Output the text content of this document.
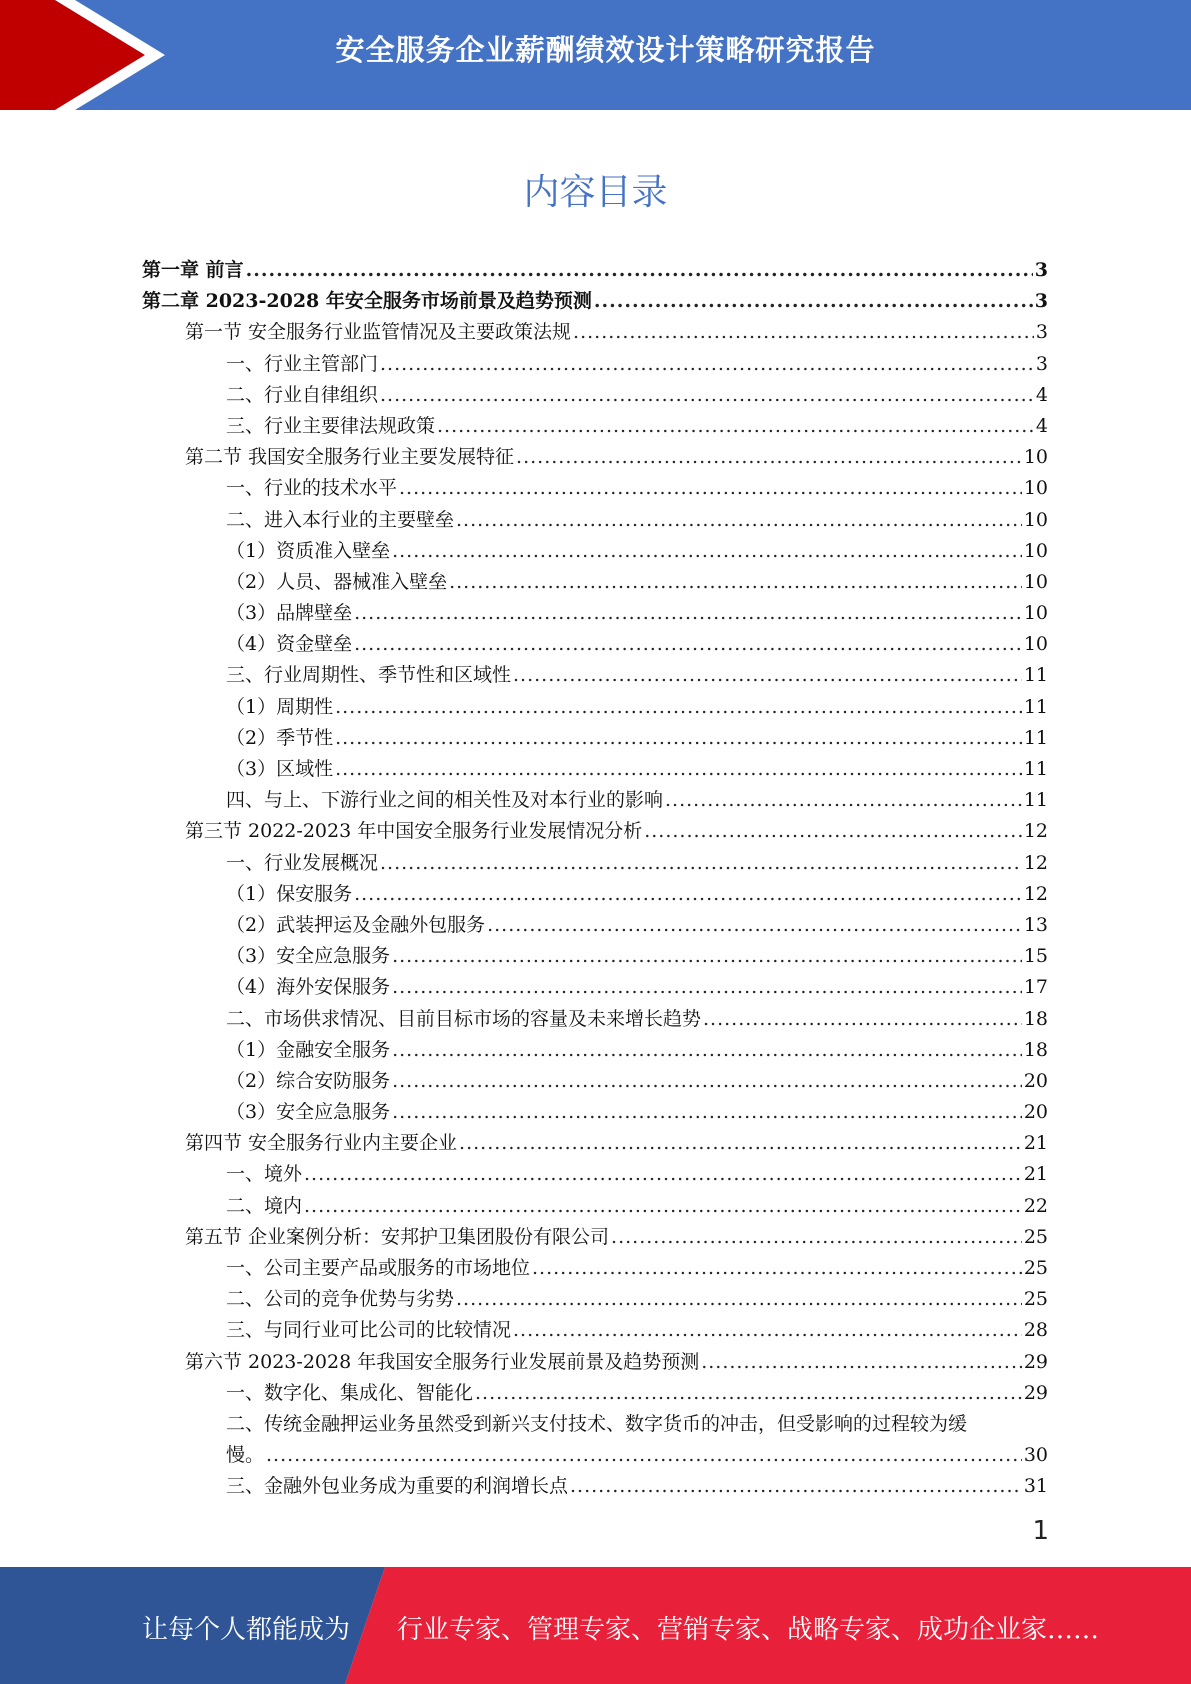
安全服务企业薪酬绩效设计策略研究报告
内容目录
第一章 前言 .....	3
第二章 2023-2028 年安全服务市场前景及趋势预测 .....	3
第一节 安全服务行业监管情况及主要政策法规 .....	3
一、行业主管部门 .....	3
二、行业自律组织 .....	4
三、行业主要律法规政策 .....	4
第二节 我国安全服务行业主要发展特征 .....	10
一、行业的技术水平 .....	10
二、进入本行业的主要壁垒 .....	10
（1）资质准入壁垒 .....	10
（2）人员、器械准入壁垒 .....	10
（3）品牌壁垒 .....	10
（4）资金壁垒 .....	10
三、行业周期性、季节性和区域性 .....	11
（1）周期性 .....	11
（2）季节性 .....	11
（3）区域性 .....	11
四、与上、下游行业之间的相关性及对本行业的影响 .....	11
第三节 2022-2023 年中国安全服务行业发展情况分析 .....	12
一、行业发展概况 .....	12
（1）保安服务 .....	12
（2）武装押运及金融外包服务 .....	13
（3）安全应急服务 .....	15
（4）海外安保服务 .....	17
二、市场供求情况、目前目标市场的容量及未来增长趋势 .....	18
（1）金融安全服务 .....	18
（2）综合安防服务 .....	20
（3）安全应急服务 .....	20
第四节 安全服务行业内主要企业 .....	21
一、境外 .....	21
二、境内 .....	22
第五节 企业案例分析：安邦护卫集团股份有限公司 .....	25
一、公司主要产品或服务的市场地位 .....	25
二、公司的竞争优势与劣势 .....	25
三、与同行业可比公司的比较情况 .....	28
第六节 2023-2028 年我国安全服务行业发展前景及趋势预测 .....	29
一、数字化、集成化、智能化 .....	29
二、传统金融押运业务虽然受到新兴支付技术、数字货币的冲击，但受影响的过程较为缓
慢。 .....	30
三、金融外包业务成为重要的利润增长点 .....	31
1
让每个人都能成为 行业专家、管理专家、营销专家、战略专家、成功企业家……
